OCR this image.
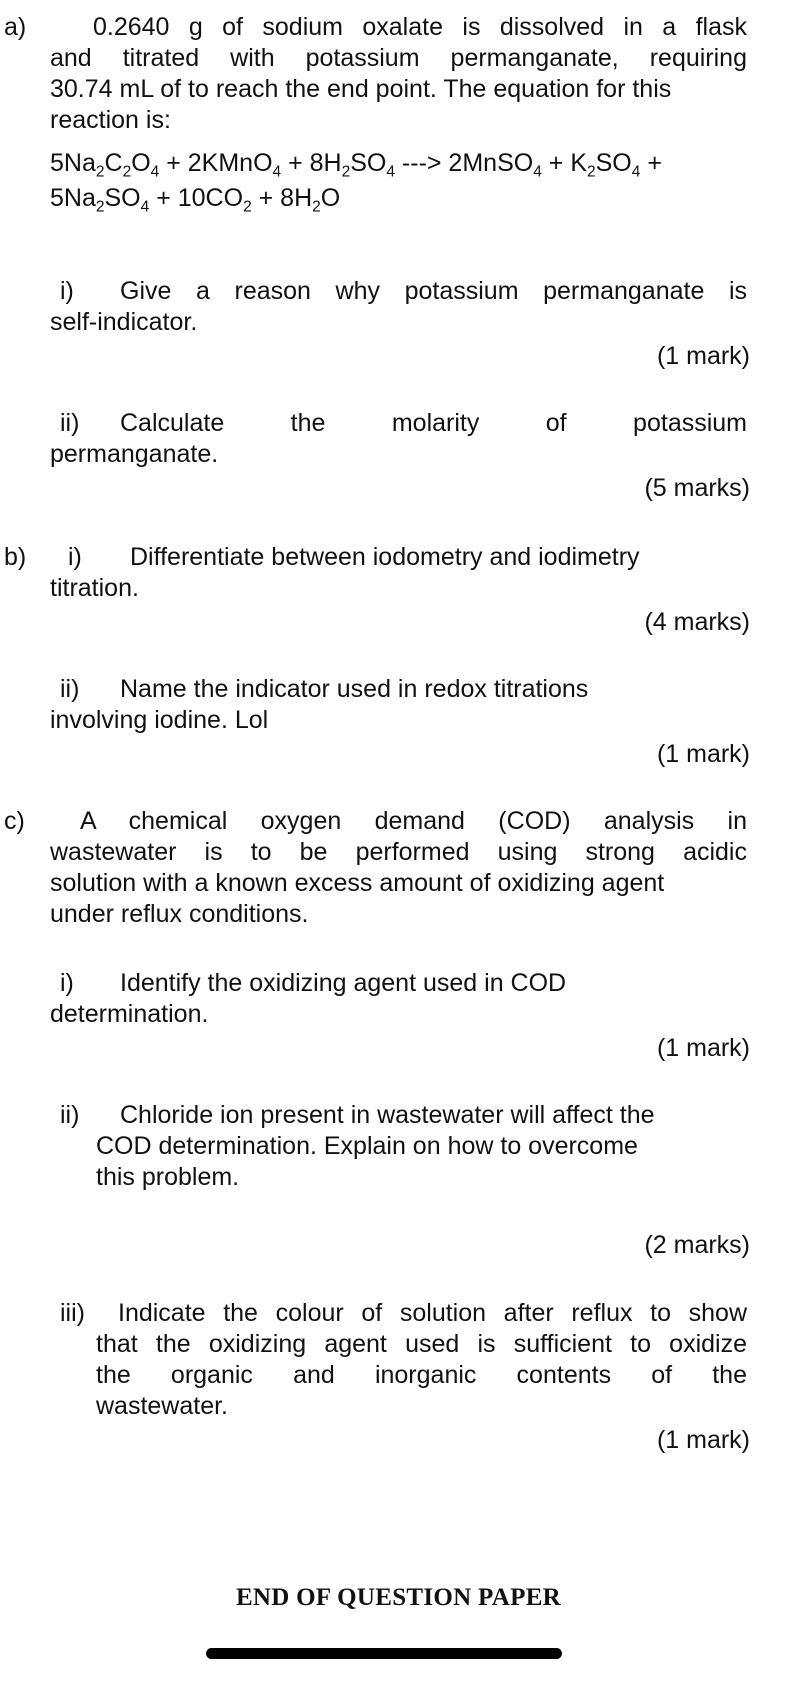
a)	0.2640 g of sodium oxalate is dissolved in a flask
and titrated with potassium permanganate, requiring
30.74 mL of to reach the end point. The equation for this
reaction is:
$5Na_2C_2O_4$ + 2KMnO$_4$ + $8H_2SO_4$ ---> 2MnSO$_4$ + $K_2SO_4$ +
$5Na_2SO_4 + 10CO_2 + 8H_2O$
i) Give a reason why potassium permanganate is
self-indicator.
(1 mark)
ii) Calculate the molarity of potassium
permanganate.
(5 marks)
b) i) Differentiate between iodometry and iodimetry
titration.
(4 marks)
ii) Name the indicator used in redox titrations
involving iodine. Lol
(1 mark)
c) A chemical oxygen demand (COD) analysis in
wastewater is to be performed using strong acidic
solution with a known excess amount of oxidizing agent
under reflux conditions.
i) Identify the oxidizing agent used in COD
determination.
(1 mark)
ii) Chloride ion present in wastewater will affect the
COD determination. Explain on how to overcome
this problem.
(2 marks)
iii) Indicate the colour of solution after reflux to show
that the oxidizing agent used is sufficient to oxidize
the organic and inorganic contents of the
wastewater.
(1 mark)
END OF QUESTION PAPER
